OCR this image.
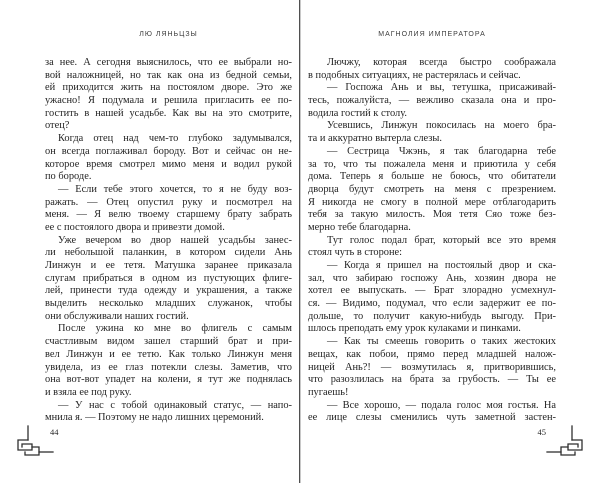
ЛЮ ЛЯНЬЦЗЫ
за нее. А сегодня выяснилось, что ее выбрали но-
вой наложницей, но так как она из бедной семьи,
ей приходится жить на постоялом дворе. Это же
ужасно! Я подумала и решила пригласить ее по-
гостить в нашей усадьбе. Как вы на это смотрите,
отец?
Когда отец над чем-то глубоко задумывался,
он всегда поглаживал бороду. Вот и сейчас он не-
которое время смотрел мимо меня и водил рукой
по бороде.
— Если тебе этого хочется, то я не буду воз-
ражать. — Отец опустил руку и посмотрел на
меня. — Я велю твоему старшему брату забрать
ее с постоялого двора и привезти домой.
Уже вечером во двор нашей усадьбы занес-
ли небольшой паланкин, в котором сидели Ань
Линжун и ее тетя. Матушка заранее приказала
слугам прибраться в одном из пустующих флиге-
лей, принести туда одежду и украшения, а также
выделить несколько младших служанок, чтобы
они обслуживали наших гостий.
После ужина ко мне во флигель с самым
счастливым видом зашел старший брат и при-
вел Линжун и ее тетю. Как только Линжун меня
увидела, из ее глаз потекли слезы. Заметив, что
она вот-вот упадет на колени, я тут же поднялась
и взяла ее под руку.
— У нас с тобой одинаковый статус, — напо-
мнила я. — Поэтому не надо лишних церемоний.
44
МАГНОЛИЯ ИМПЕРАТОРА
Лючжу, которая всегда быстро соображала
в подобных ситуациях, не растерялась и сейчас.
— Госпожа Ань и вы, тетушка, присаживай-
тесь, пожалуйста, — вежливо сказала она и про-
водила гостий к столу.
Усевшись, Линжун покосилась на моего бра-
та и аккуратно вытерла слезы.
— Сестрица Чжэнь, я так благодарна тебе
за то, что ты пожалела меня и приютила у себя
дома. Теперь я больше не боюсь, что обитатели
дворца будут смотреть на меня с презрением.
Я никогда не смогу в полной мере отблагодарить
тебя за такую милость. Моя тетя Сяо тоже без-
мерно тебе благодарна.
Тут голос подал брат, который все это время
стоял чуть в стороне:
— Когда я пришел на постоялый двор и ска-
зал, что забираю госпожу Ань, хозяин двора не
хотел ее выпускать. — Брат злорадно усмехнул-
ся. — Видимо, подумал, что если задержит ее по-
дольше, то получит какую-нибудь выгоду. При-
шлось преподать ему урок кулаками и пинками.
— Как ты смеешь говорить о таких жестоких
вещах, как побои, прямо перед младшей налож-
ницей Ань?! — возмутилась я, притворившись,
что разозлилась на брата за грубость. — Ты ее
пугаешь!
— Все хорошо, — подала голос моя гостья. На
ее лице слезы сменились чуть заметной застен-
45
